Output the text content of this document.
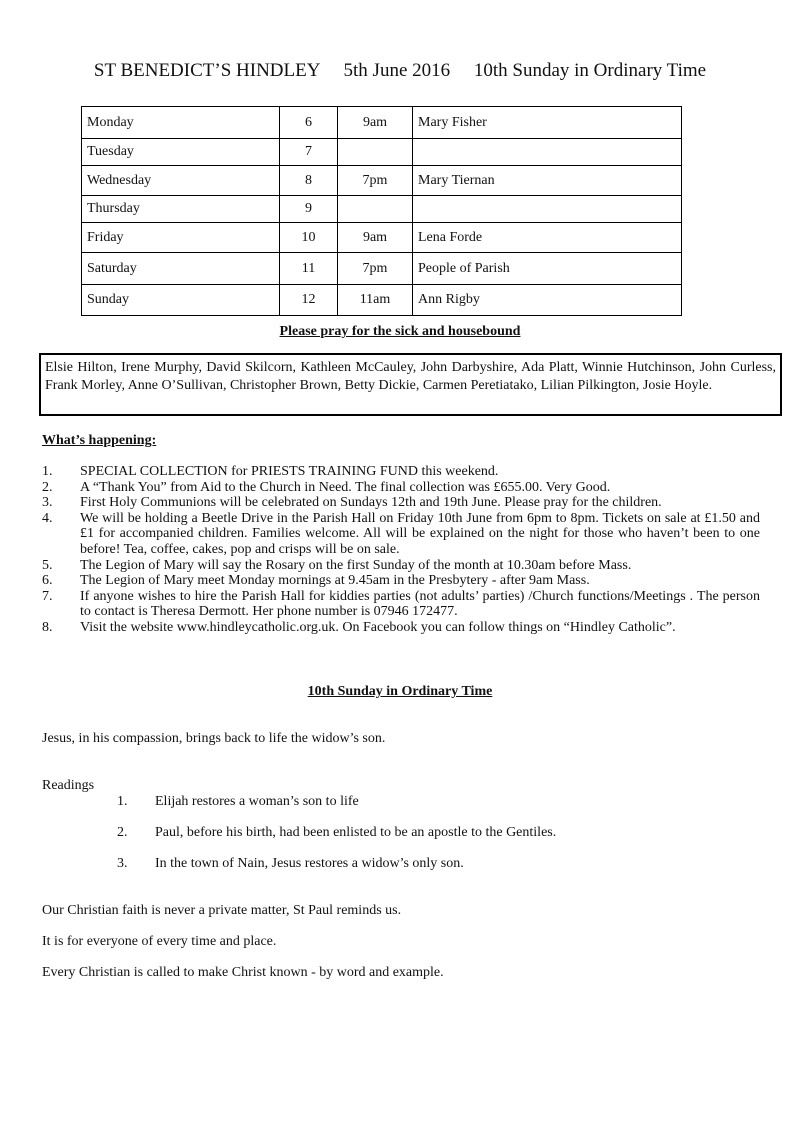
ST BENEDICT’S HINDLEY 5th June 2016 10th Sunday in Ordinary Time
Monday	6	9am	Mary Fisher
Tuesday	7		
Wednesday	8	7pm	Mary Tiernan
Thursday	9		
Friday	10	9am	Lena Forde
Saturday	11	7pm	People of Parish
Sunday	12	11am	Ann Rigby
Please pray for the sick and housebound
Elsie Hilton, Irene Murphy, David Skilcorn, Kathleen McCauley, John Darbyshire, Ada Platt, Winnie Hutchinson, John Curless, Frank Morley, Anne O’Sullivan, Christopher Brown, Betty Dickie, Carmen Peretiatako, Lilian Pilkington, Josie Hoyle.
What’s happening:
1. SPECIAL COLLECTION for PRIESTS TRAINING FUND this weekend.
2. A “Thank You” from Aid to the Church in Need. The final collection was £655.00. Very Good.
3. First Holy Communions will be celebrated on Sundays 12th and 19th June. Please pray for the children.
4. We will be holding a Beetle Drive in the Parish Hall on Friday 10th June from 6pm to 8pm. Tickets on sale at £1.50 and £1 for accompanied children. Families welcome. All will be explained on the night for those who haven’t been to one before! Tea, coffee, cakes, pop and crisps will be on sale.
5. The Legion of Mary will say the Rosary on the first Sunday of the month at 10.30am before Mass.
6. The Legion of Mary meet Monday mornings at 9.45am in the Presbytery - after 9am Mass.
7. If anyone wishes to hire the Parish Hall for kiddies parties (not adults’ parties) /Church functions/Meetings . The person to contact is Theresa Dermott. Her phone number is 07946 172477.
8. Visit the website www.hindleycatholic.org.uk. On Facebook you can follow things on “Hindley Catholic”.
10th Sunday in Ordinary Time
Jesus, in his compassion, brings back to life the widow’s son.
Readings
1. Elijah restores a woman’s son to life
2. Paul, before his birth, had been enlisted to be an apostle to the Gentiles.
3. In the town of Nain, Jesus restores a widow’s only son.
Our Christian faith is never a private matter, St Paul reminds us.
It is for everyone of every time and place.
Every Christian is called to make Christ known - by word and example.
